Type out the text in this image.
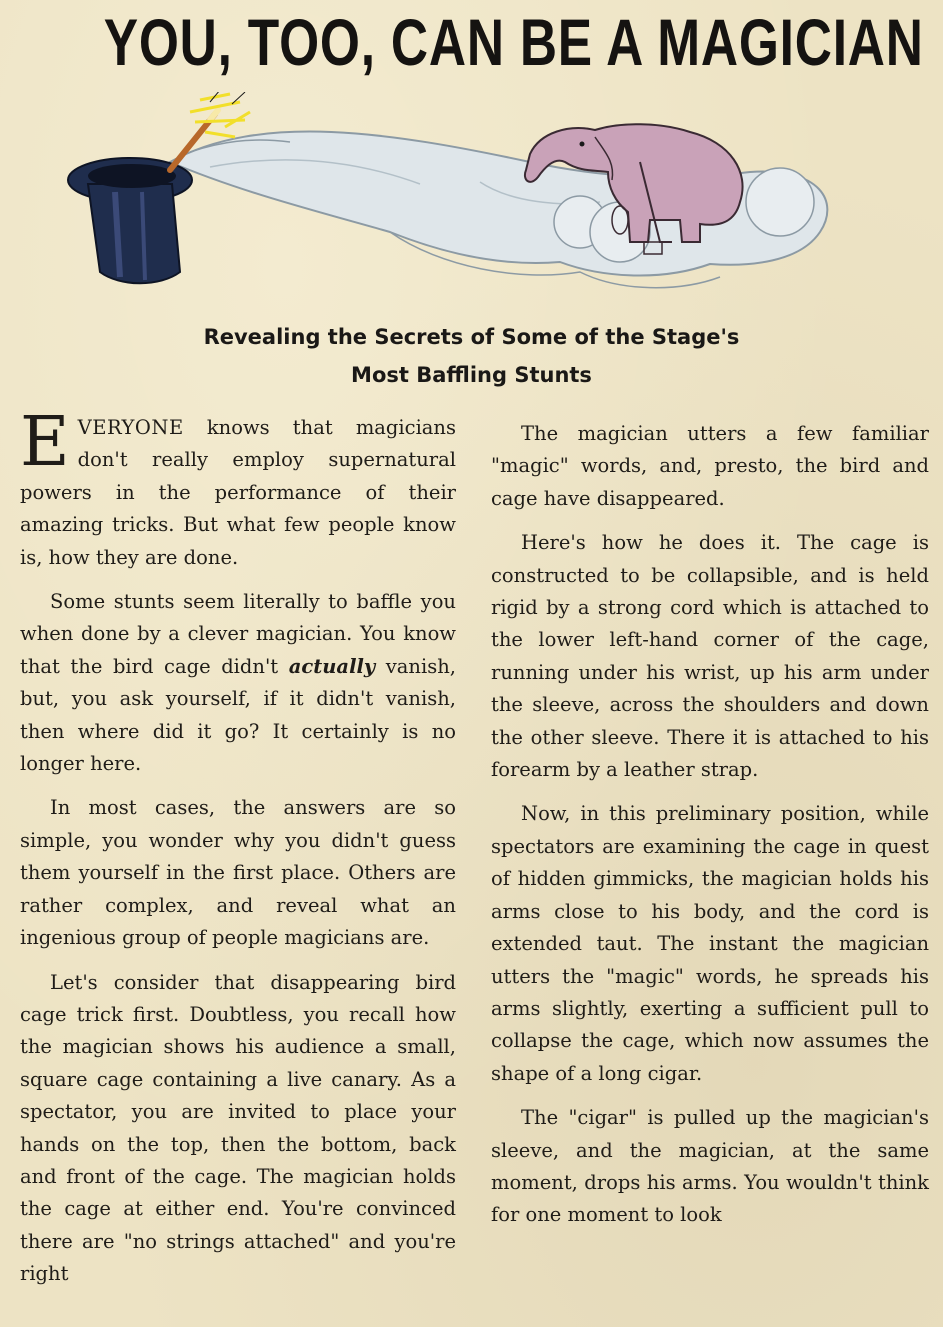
YOU, TOO, CAN BE A MAGICIAN
Revealing the Secrets of Some of the Stage's
Most Baffling Stunts

EVERYONE knows that magicians don't really employ supernatural powers in the performance of their amazing tricks. But what few people know is, how they are done.

Some stunts seem literally to baffle you when done by a clever magician. You know that the bird cage didn't actually vanish, but, you ask yourself, if it didn't vanish, then where did it go? It certainly is no longer here.

In most cases, the answers are so simple, you wonder why you didn't guess them yourself in the first place. Others are rather complex, and reveal what an ingenious group of people magicians are.

Let's consider that disappearing bird cage trick first. Doubtless, you recall how the magician shows his audience a small, square cage containing a live canary. As a spectator, you are invited to place your hands on the top, then the bottom, back and front of the cage. The magician holds the cage at either end. You're convinced there are "no strings attached" and you're right

The magician utters a few familiar "magic" words, and, presto, the bird and cage have disappeared.

Here's how he does it. The cage is constructed to be collapsible, and is held rigid by a strong cord which is attached to the lower left-hand corner of the cage, running under his wrist, up his arm under the sleeve, across the shoulders and down the other sleeve. There it is attached to his forearm by a leather strap.

Now, in this preliminary position, while spectators are examining the cage in quest of hidden gimmicks, the magician holds his arms close to his body, and the cord is extended taut. The instant the magician utters the "magic" words, he spreads his arms slightly, exerting a sufficient pull to collapse the cage, which now assumes the shape of a long cigar.

The "cigar" is pulled up the magician's sleeve, and the magician, at the same moment, drops his arms. You wouldn't think for one moment to look
